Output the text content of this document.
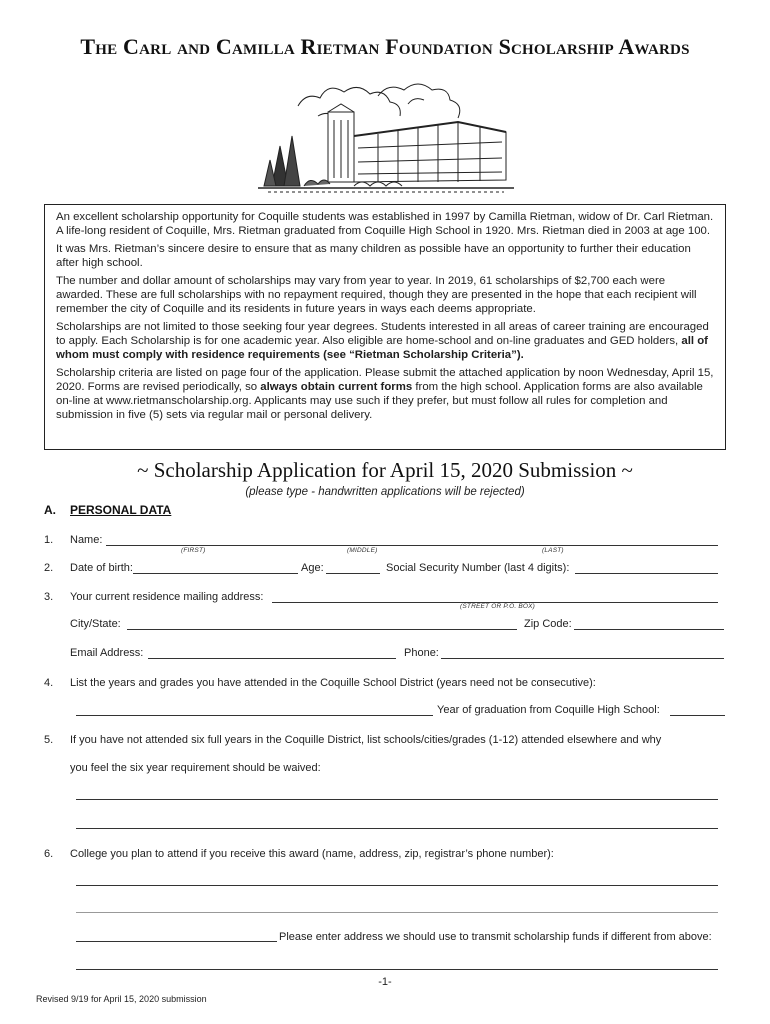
The Carl and Camilla Rietman Foundation Scholarship Awards

An excellent scholarship opportunity for Coquille students was established in 1997 by Camilla Rietman, widow of Dr. Carl Rietman. A life-long resident of Coquille, Mrs. Rietman graduated from Coquille High School in 1920. Mrs. Rietman died in 2003 at age 100.

It was Mrs. Rietman’s sincere desire to ensure that as many children as possible have an opportunity to further their education after high school.

The number and dollar amount of scholarships may vary from year to year. In 2019, 61 scholarships of $2,700 each were awarded. These are full scholarships with no repayment required, though they are presented in the hope that each recipient will remember the city of Coquille and its residents in future years in ways each deems appropriate.

Scholarships are not limited to those seeking four year degrees. Students interested in all areas of career training are encouraged to apply. Each Scholarship is for one academic year. Also eligible are home-school and on-line graduates and GED holders, all of whom must comply with residence requirements (see “Rietman Scholarship Criteria”).

Scholarship criteria are listed on page four of the application. Please submit the attached application by noon Wednesday, April 15, 2020. Forms are revised periodically, so always obtain current forms from the high school. Application forms are also available on-line at www.rietmanscholarship.org. Applicants may use such if they prefer, but must follow all rules for completion and submission in five (5) sets via regular mail or personal delivery.

~ Scholarship Application for April 15, 2020 Submission ~
(please type - handwritten applications will be rejected)
A. PERSONAL DATA
1. Name:
(FIRST)	(MIDDLE)	(LAST)
2. Date of birth:	Age:	Social Security Number (last 4 digits):
3. Your current residence mailing address:
(STREET OR P.O. BOX)
City/State:	Zip Code:
Email Address:	Phone:
4. List the years and grades you have attended in the Coquille School District (years need not be consecutive):
Year of graduation from Coquille High School:
5. If you have not attended six full years in the Coquille District, list schools/cities/grades (1-12) attended elsewhere and why
you feel the six year requirement should be waived:
6. College you plan to attend if you receive this award (name, address, zip, registrar’s phone number):
Please enter address we should use to transmit scholarship funds if different from above:
-1-
Revised 9/19 for April 15, 2020 submission
